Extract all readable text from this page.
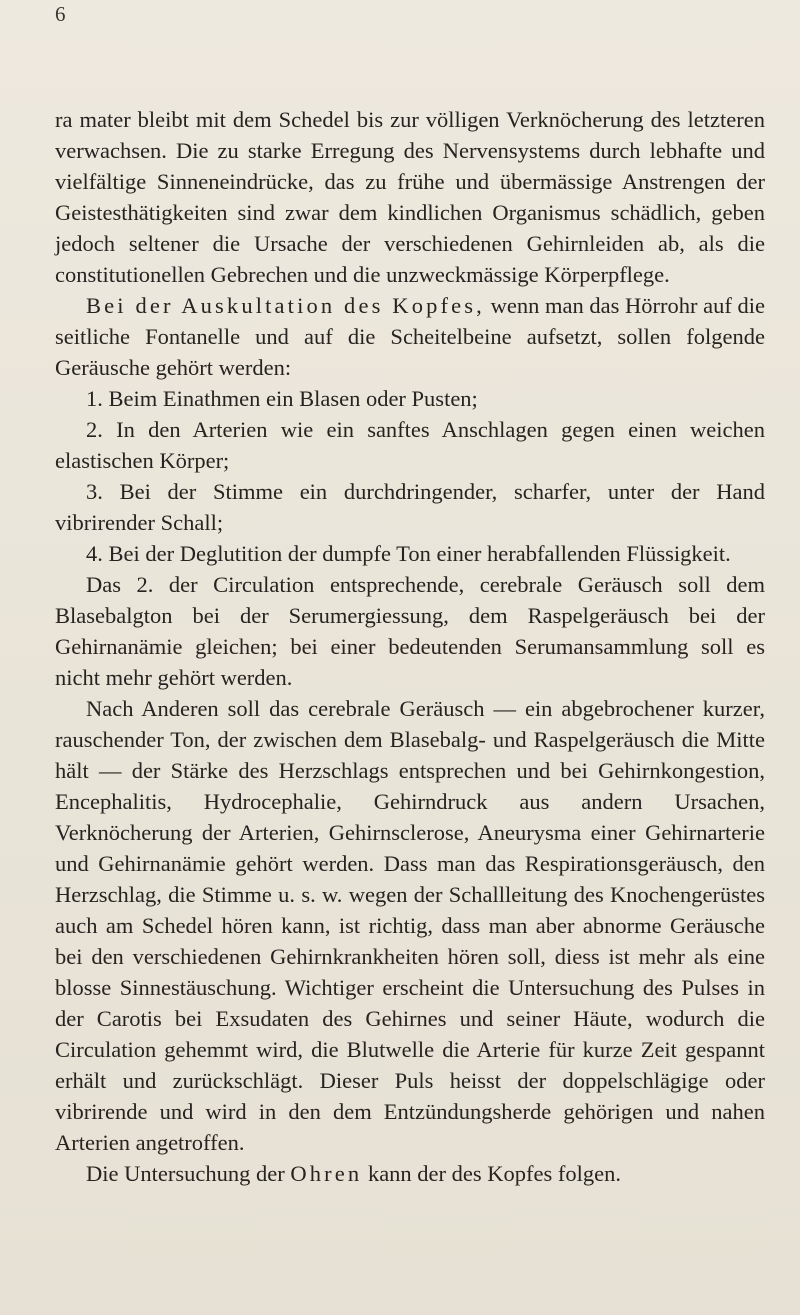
6

ra mater bleibt mit dem Schedel bis zur völligen Verknöcherung des letzteren verwachsen. Die zu starke Erregung des Nervensystems durch lebhafte und vielfältige Sinneneindrücke, das zu frühe und übermässige Anstrengen der Geistesthätigkeiten sind zwar dem kindlichen Organismus schädlich, geben jedoch seltener die Ursache der verschiedenen Gehirnleiden ab, als die constitutionellen Gebrechen und die unzweckmässige Körperpflege.

Bei der Auskultation des Kopfes, wenn man das Hörrohr auf die seitliche Fontanelle und auf die Scheitelbeine aufsetzt, sollen folgende Geräusche gehört werden:

1. Beim Einathmen ein Blasen oder Pusten;

2. In den Arterien wie ein sanftes Anschlagen gegen einen weichen elastischen Körper;

3. Bei der Stimme ein durchdringender, scharfer, unter der Hand vibrirender Schall;

4. Bei der Deglutition der dumpfe Ton einer herabfallenden Flüssigkeit.

Das 2. der Circulation entsprechende, cerebrale Geräusch soll dem Blasebalgton bei der Serumergiessung, dem Raspelgeräusch bei der Gehirnanämie gleichen; bei einer bedeutenden Serumansammlung soll es nicht mehr gehört werden.

Nach Anderen soll das cerebrale Geräusch — ein abgebrochener kurzer, rauschender Ton, der zwischen dem Blasebalg- und Raspelgeräusch die Mitte hält — der Stärke des Herzschlags entsprechen und bei Gehirnkongestion, Encephalitis, Hydrocephalie, Gehirndruck aus andern Ursachen, Verknöcherung der Arterien, Gehirnsclerose, Aneurysma einer Gehirnarterie und Gehirnanämie gehört werden. Dass man das Respirationsgeräusch, den Herzschlag, die Stimme u. s. w. wegen der Schallleitung des Knochengerüstes auch am Schedel hören kann, ist richtig, dass man aber abnorme Geräusche bei den verschiedenen Gehirnkrankheiten hören soll, diess ist mehr als eine blosse Sinnestäuschung. Wichtiger erscheint die Untersuchung des Pulses in der Carotis bei Exsudaten des Gehirnes und seiner Häute, wodurch die Circulation gehemmt wird, die Blutwelle die Arterie für kurze Zeit gespannt erhält und zurückschlägt. Dieser Puls heisst der doppelschlägige oder vibrirende und wird in den dem Entzündungsherde gehörigen und nahen Arterien angetroffen.

Die Untersuchung der Ohren kann der des Kopfes folgen.
